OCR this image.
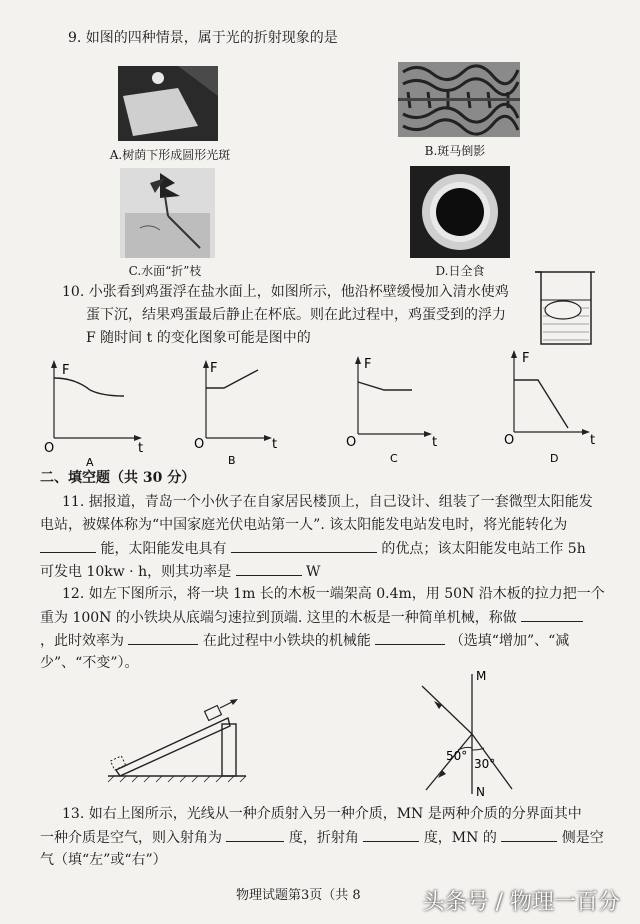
9. 如图的四种情景，属于光的折射现象的是
A.树荫下形成圆形光斑	B.斑马倒影
C.水面“折”枝	D.日全食
10. 小张看到鸡蛋浮在盐水面上，如图所示，他沿杯壁缓慢加入清水使鸡
蛋下沉，结果鸡蛋最后静止在杯底。则在此过程中，鸡蛋受到的浮力
F 随时间 t 的变化图象可能是图中的
F
O	t
A
F
O	t
B
F
O	t
C
F
O	t
D
二、填空题（共 30 分）
11. 据报道，青岛一个小伙子在自家居民楼顶上，自己设计、组装了一套微型太阳能发
电站，被媒体称为“中国家庭光伏电站第一人”. 该太阳能发电站发电时，将光能转化为
能，太阳能发电具有	的优点；该太阳能发电站工作 5h
可发电 10kw · h，则其功率是	W
12. 如左下图所示，将一块 1m 长的木板一端架高 0.4m，用 50N 沿木板的拉力把一个
重为 100N 的小铁块从底端匀速拉到顶端. 这里的木板是一种简单机械，称做
，此时效率为	在此过程中小铁块的机械能	（选填“增加”、“减
少”、“不变”）。
M
N
50°
30°
13. 如右上图所示，光线从一种介质射入另一种介质，MN 是两种介质的分界面其中
一种介质是空气，则入射角为	度，折射角	度，MN 的	侧是空
气（填“左”或“右”）
物理试题第3页（共 8	头条号 / 物理一百分
